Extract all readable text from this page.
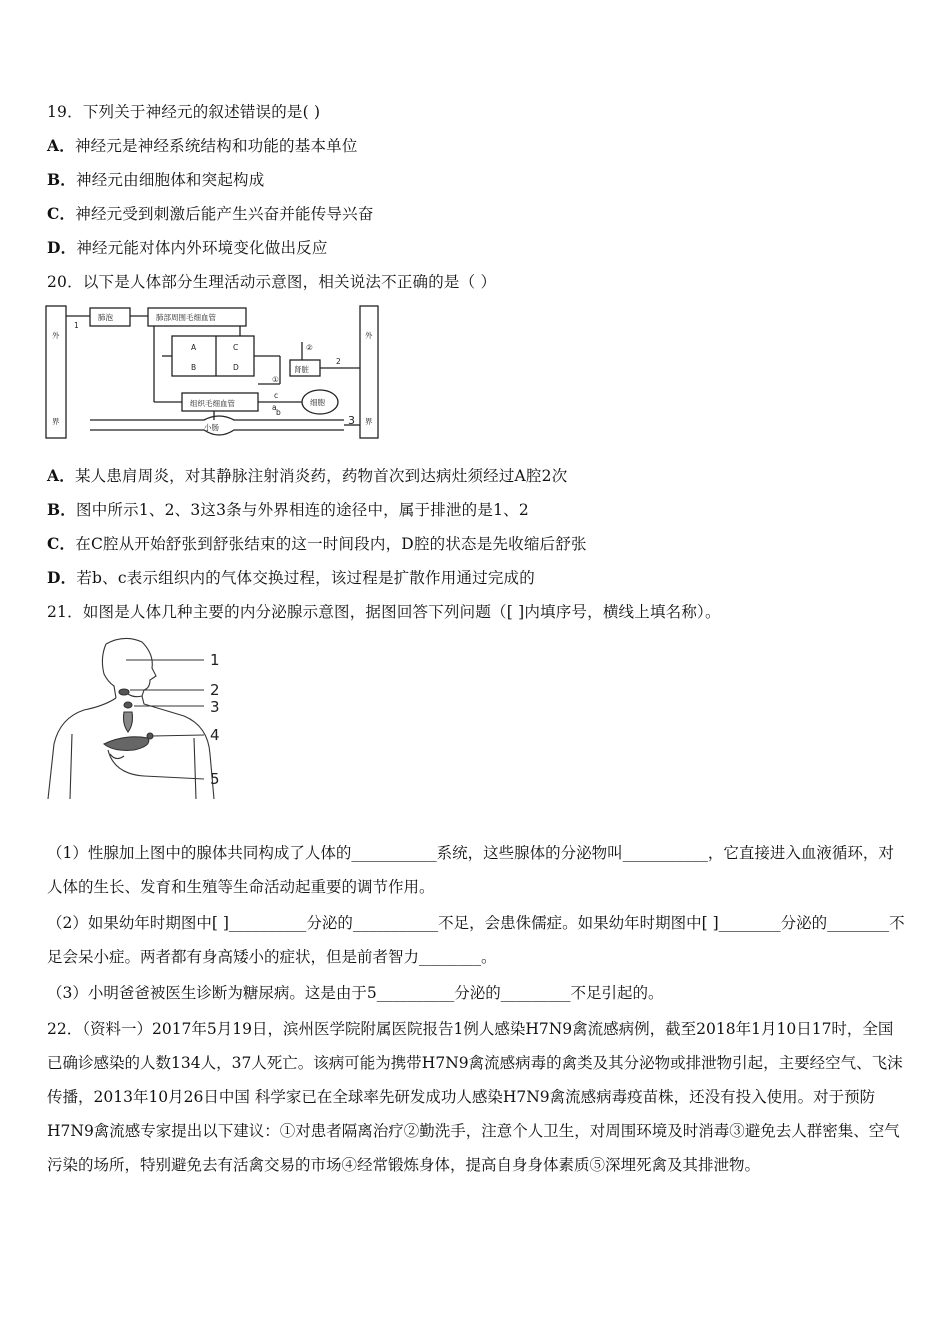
19．下列关于神经元的叙述错误的是( )
A．神经元是神经系统结构和功能的基本单位
B．神经元由细胞体和突起构成
C．神经元受到刺激后能产生兴奋并能传导兴奋
D．神经元能对体内外环境变化做出反应
20．以下是人体部分生理活动示意图，相关说法不正确的是（ ）
外
界
外
界
肺泡	肺部周围毛细血管
组织毛细血管
肾脏
细胞
小肠
A
B
C
D
1
2
3
①
②
a
b
c
A．某人患肩周炎，对其静脉注射消炎药，药物首次到达病灶须经过A腔2次
B．图中所示1、2、3这3条与外界相连的途径中，属于排泄的是1、2
C．在C腔从开始舒张到舒张结束的这一时间段内，D腔的状态是先收缩后舒张
D．若b、c表示组织内的气体交换过程，该过程是扩散作用通过完成的
21．如图是人体几种主要的内分泌腺示意图，据图回答下列问题（[ ]内填序号，横线上填名称）。
1
2
3
4
5
（1）性腺加上图中的腺体共同构成了人体的___________系统，这些腺体的分泌物叫___________，它直接进入血液循环，对人体的生长、发育和生殖等生命活动起重要的调节作用。
（2）如果幼年时期图中[ ]__________分泌的___________不足，会患侏儒症。如果幼年时期图中[ ]________分泌的________不足会呆小症。两者都有身高矮小的症状，但是前者智力________。
（3）小明爸爸被医生诊断为糖尿病。这是由于5__________分泌的_________不足引起的。
22．（资料一）2017年5月19日，滨州医学院附属医院报告1例人感染H7N9禽流感病例，截至2018年1月10日17时，全国已确诊感染的人数134人，37人死亡。该病可能为携带H7N9禽流感病毒的禽类及其分泌物或排泄物引起，主要经空气、飞沫传播，2013年10月26日中国 科学家已在全球率先研发成功人感染H7N9禽流感病毒疫苗株，还没有投入使用。对于预防H7N9禽流感专家提出以下建议：①对患者隔离治疗②勤洗手，注意个人卫生，对周围环境及时消毒③避免去人群密集、空气污染的场所，特别避免去有活禽交易的市场④经常锻炼身体，提高自身身体素质⑤深埋死禽及其排泄物。
